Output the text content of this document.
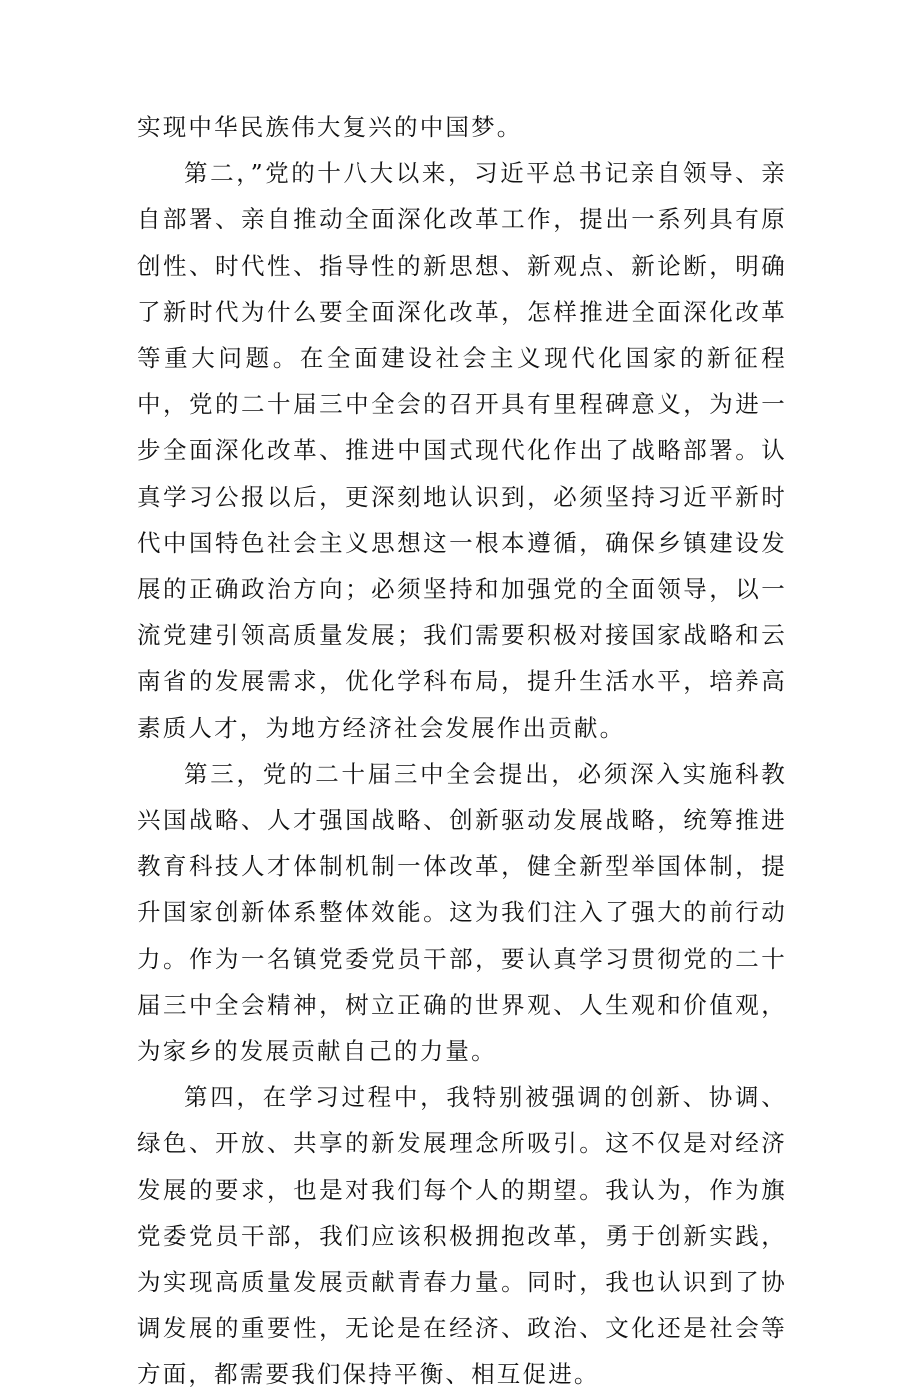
实现中华民族伟大复兴的中国梦。

第二，”党的十八大以来，习近平总书记亲自领导、亲自部署、亲自推动全面深化改革工作，提出一系列具有原创性、时代性、指导性的新思想、新观点、新论断，明确了新时代为什么要全面深化改革，怎样推进全面深化改革等重大问题。在全面建设社会主义现代化国家的新征程中，党的二十届三中全会的召开具有里程碑意义，为进一步全面深化改革、推进中国式现代化作出了战略部署。认真学习公报以后，更深刻地认识到，必须坚持习近平新时代中国特色社会主义思想这一根本遵循，确保乡镇建设发展的正确政治方向；必须坚持和加强党的全面领导，以一流党建引领高质量发展；我们需要积极对接国家战略和云南省的发展需求，优化学科布局，提升生活水平，培养高素质人才，为地方经济社会发展作出贡献。

第三，党的二十届三中全会提出，必须深入实施科教兴国战略、人才强国战略、创新驱动发展战略，统筹推进教育科技人才体制机制一体改革，健全新型举国体制，提升国家创新体系整体效能。这为我们注入了强大的前行动力。作为一名镇党委党员干部，要认真学习贯彻党的二十届三中全会精神，树立正确的世界观、人生观和价值观，为家乡的发展贡献自己的力量。

第四，在学习过程中，我特别被强调的创新、协调、绿色、开放、共享的新发展理念所吸引。这不仅是对经济发展的要求，也是对我们每个人的期望。我认为，作为旗党委党员干部，我们应该积极拥抱改革，勇于创新实践，为实现高质量发展贡献青春力量。同时，我也认识到了协调发展的重要性，无论是在经济、政治、文化还是社会等方面，都需要我们保持平衡、相互促进。
